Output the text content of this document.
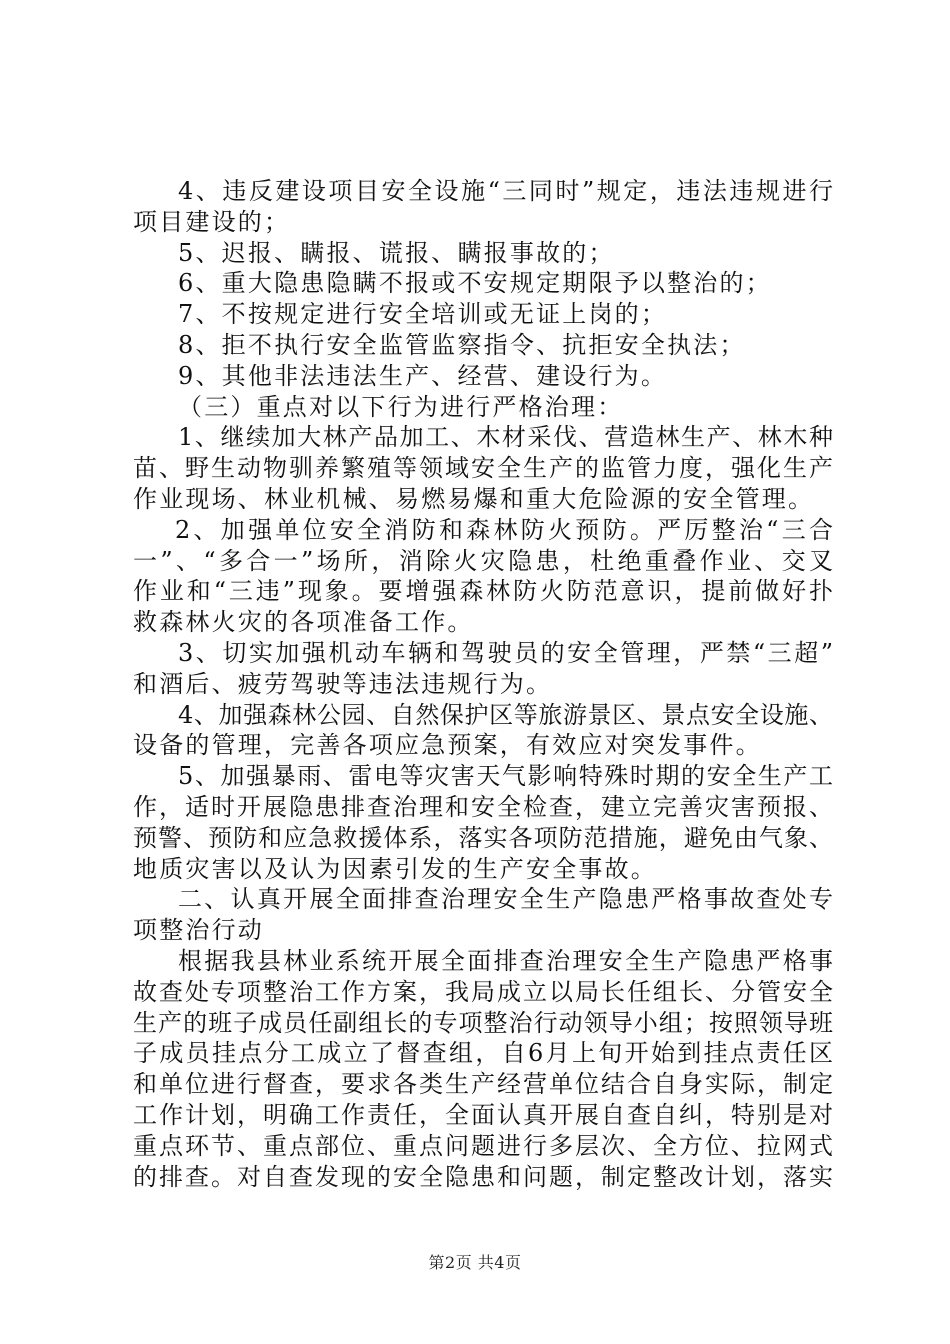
4、违反建设项目安全设施“三同时”规定，违法违规进行
项目建设的；
5、迟报、瞒报、谎报、瞒报事故的；
6、重大隐患隐瞒不报或不安规定期限予以整治的；
7、不按规定进行安全培训或无证上岗的；
8、拒不执行安全监管监察指令、抗拒安全执法；
9、其他非法违法生产、经营、建设行为。
（三）重点对以下行为进行严格治理：
1、继续加大林产品加工、木材采伐、营造林生产、林木种
苗、野生动物驯养繁殖等领域安全生产的监管力度，强化生产
作业现场、林业机械、易燃易爆和重大危险源的安全管理。
2、加强单位安全消防和森林防火预防。严厉整治“三合
一”、“多合一”场所，消除火灾隐患，杜绝重叠作业、交叉
作业和“三违”现象。要增强森林防火防范意识，提前做好扑
救森林火灾的各项准备工作。
3、切实加强机动车辆和驾驶员的安全管理，严禁“三超”
和酒后、疲劳驾驶等违法违规行为。
4、加强森林公园、自然保护区等旅游景区、景点安全设施、
设备的管理，完善各项应急预案，有效应对突发事件。
5、加强暴雨、雷电等灾害天气影响特殊时期的安全生产工
作，适时开展隐患排查治理和安全检查，建立完善灾害预报、
预警、预防和应急救援体系，落实各项防范措施，避免由气象、
地质灾害以及认为因素引发的生产安全事故。
二、认真开展全面排查治理安全生产隐患严格事故查处专
项整治行动
根据我县林业系统开展全面排查治理安全生产隐患严格事
故查处专项整治工作方案，我局成立以局长任组长、分管安全
生产的班子成员任副组长的专项整治行动领导小组；按照领导班
子成员挂点分工成立了督查组，自6月上旬开始到挂点责任区
和单位进行督查，要求各类生产经营单位结合自身实际，制定
工作计划，明确工作责任，全面认真开展自查自纠，特别是对
重点环节、重点部位、重点问题进行多层次、全方位、拉网式
的排查。对自查发现的安全隐患和问题，制定整改计划，落实
第2页 共4页
